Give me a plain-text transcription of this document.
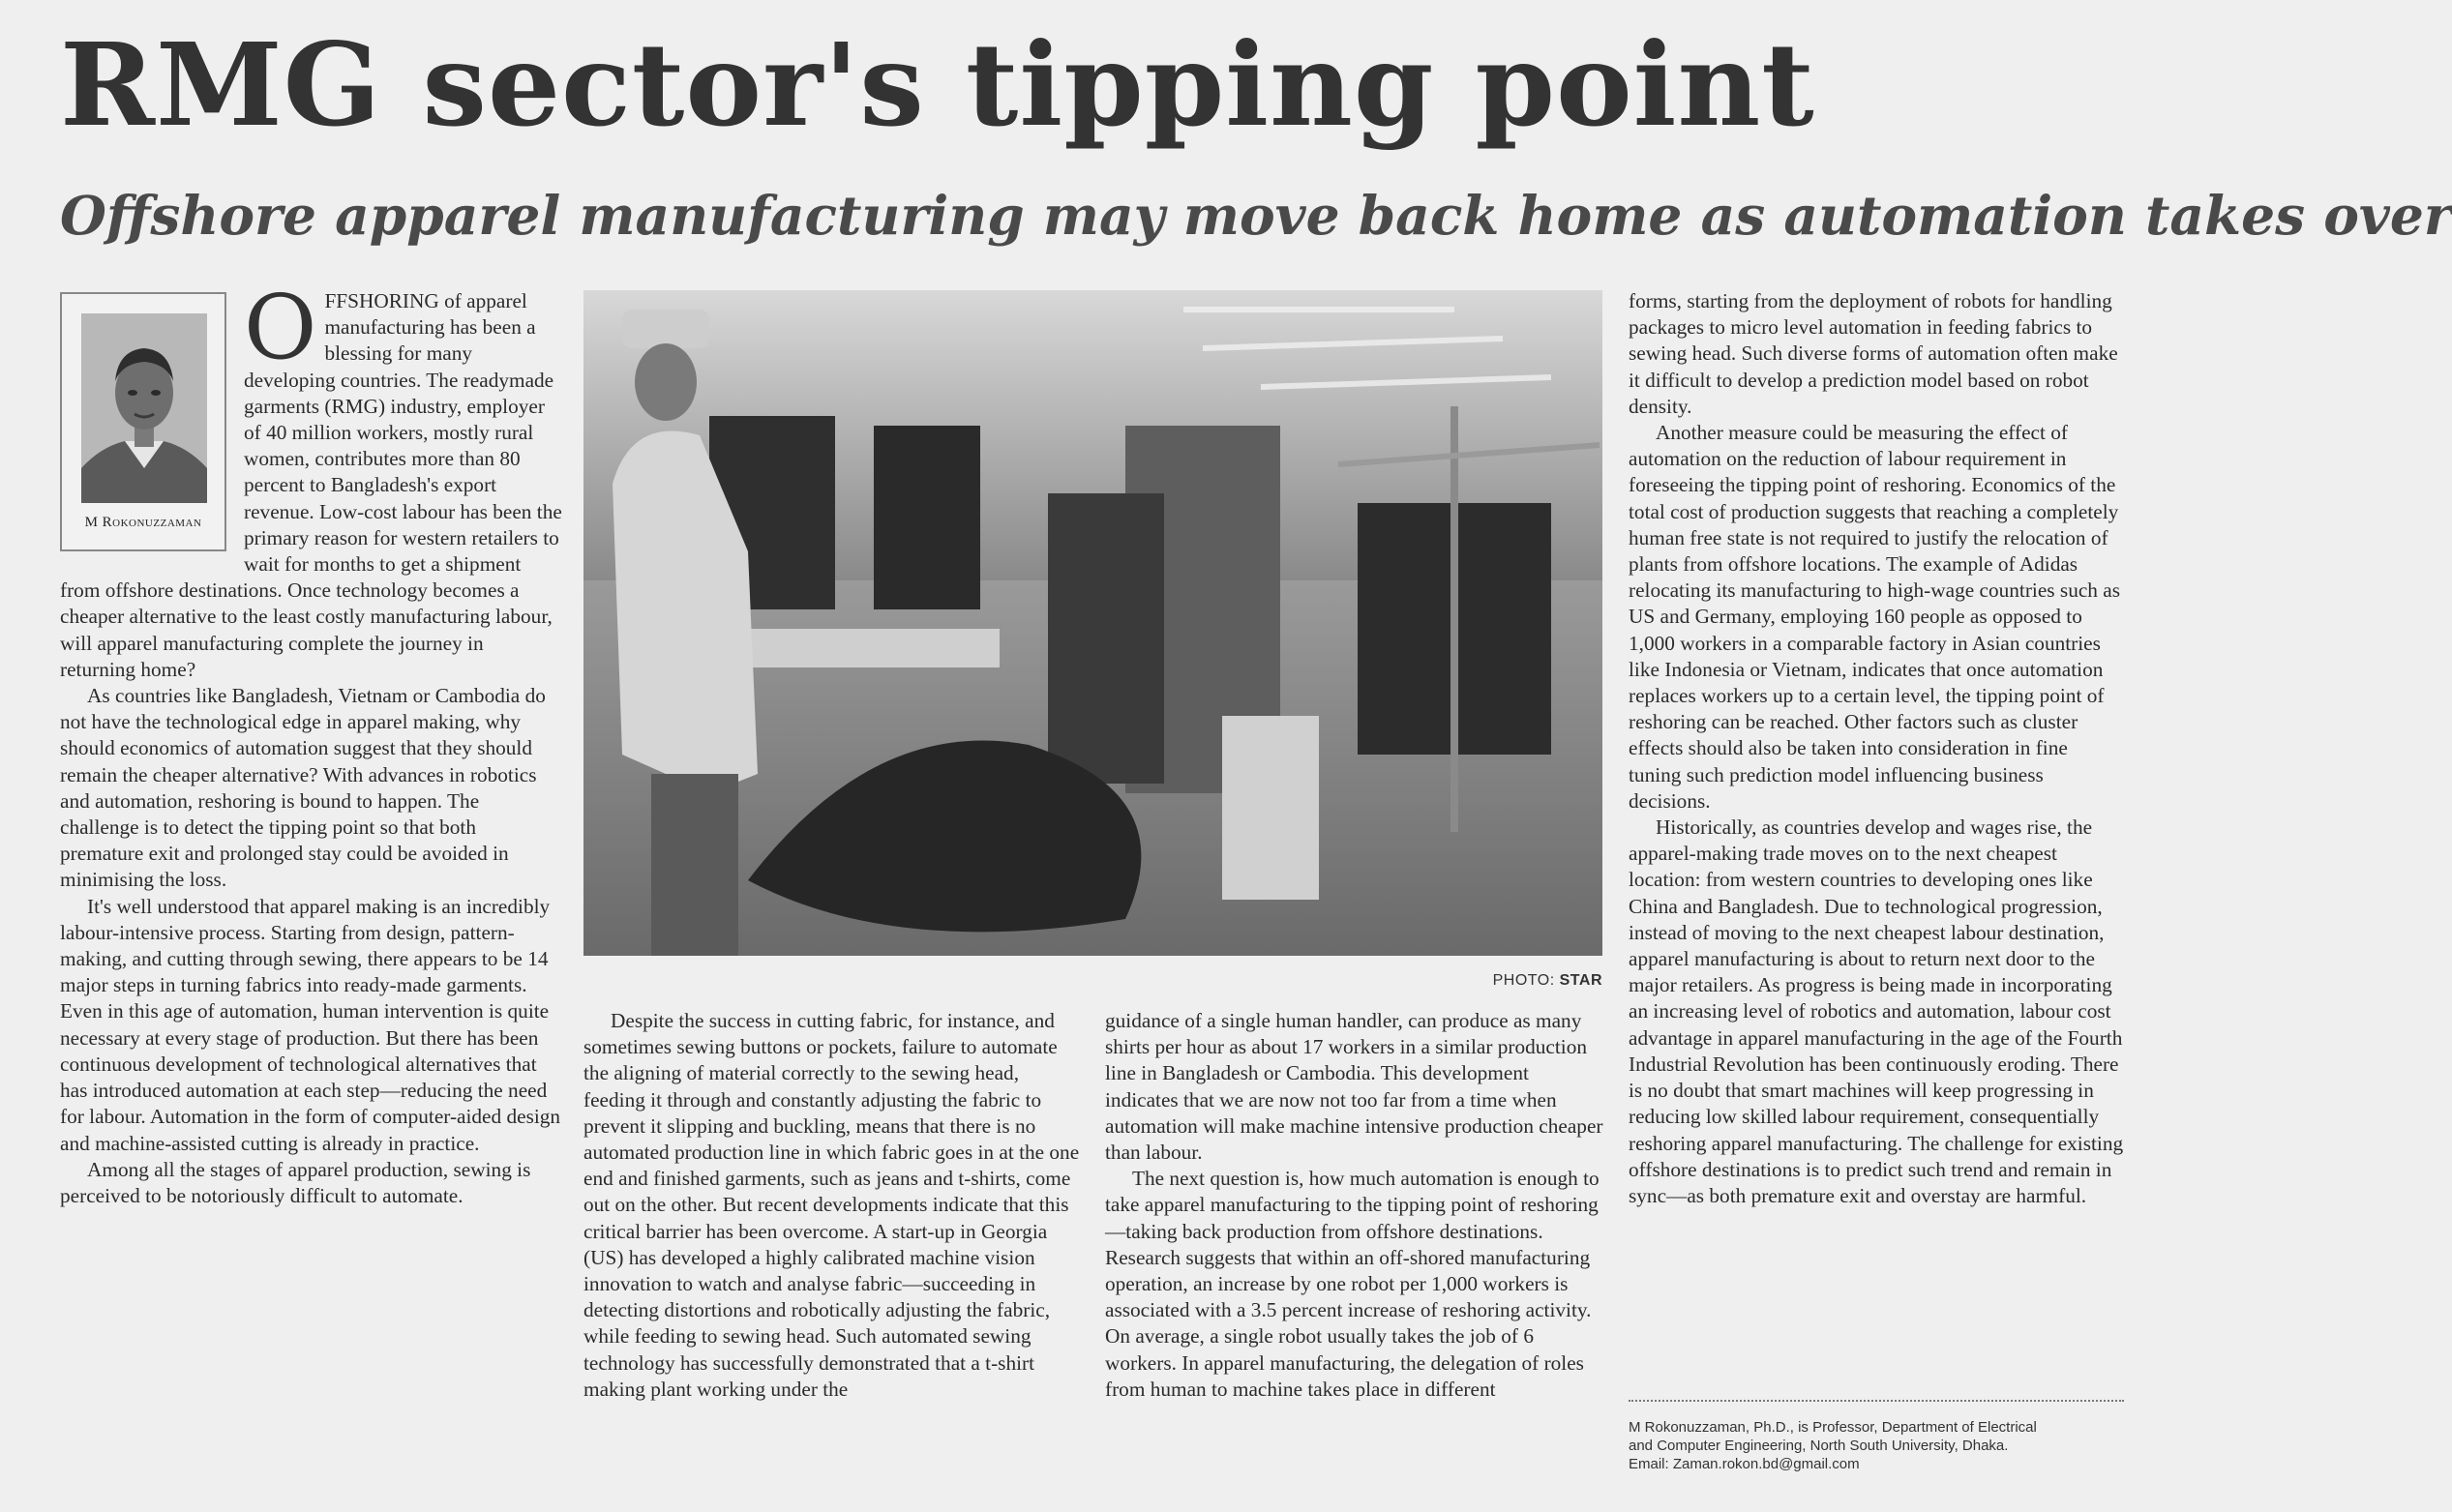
RMG sector's tipping point
Offshore apparel manufacturing may move back home as automation takes over
M Rokonuzzaman
O FFSHORING of apparel manufacturing has been a blessing for many developing countries. The readymade garments (RMG) industry, employer of 40 million workers, mostly rural women, contributes more than 80 percent to Bangladesh's export revenue. Low-cost labour has been the primary reason for western retailers to wait for months to get a shipment from offshore destinations. Once technology becomes a cheaper alternative to the least costly manufacturing labour, will apparel manufacturing complete the journey in returning home?

As countries like Bangladesh, Vietnam or Cambodia do not have the technological edge in apparel making, why should economics of automation suggest that they should remain the cheaper alternative? With advances in robotics and automation, reshoring is bound to happen. The challenge is to detect the tipping point so that both premature exit and prolonged stay could be avoided in minimising the loss.

It's well understood that apparel making is an incredibly labour-intensive process. Starting from design, pattern-making, and cutting through sewing, there appears to be 14 major steps in turning fabrics into ready-made garments. Even in this age of automation, human intervention is quite necessary at every stage of production. But there has been continuous development of technological alternatives that has introduced automation at each step—reducing the need for labour. Automation in the form of computer-aided design and machine-assisted cutting is already in practice.

Among all the stages of apparel production, sewing is perceived to be notoriously difficult to automate.

PHOTO: STAR

Despite the success in cutting fabric, for instance, and sometimes sewing buttons or pockets, failure to automate the aligning of material correctly to the sewing head, feeding it through and constantly adjusting the fabric to prevent it slipping and buckling, means that there is no automated production line in which fabric goes in at the one end and finished garments, such as jeans and t-shirts, come out on the other. But recent developments indicate that this critical barrier has been overcome. A start-up in Georgia (US) has developed a highly calibrated machine vision innovation to watch and analyse fabric—succeeding in detecting distortions and robotically adjusting the fabric, while feeding to sewing head. Such automated sewing technology has successfully demonstrated that a t-shirt making plant working under the

guidance of a single human handler, can produce as many shirts per hour as about 17 workers in a similar production line in Bangladesh or Cambodia. This development indicates that we are now not too far from a time when automation will make machine intensive production cheaper than labour.

The next question is, how much automation is enough to take apparel manufacturing to the tipping point of reshoring—taking back production from offshore destinations. Research suggests that within an off-shored manufacturing operation, an increase by one robot per 1,000 workers is associated with a 3.5 percent increase of reshoring activity. On average, a single robot usually takes the job of 6 workers. In apparel manufacturing, the delegation of roles from human to machine takes place in different

forms, starting from the deployment of robots for handling packages to micro level automation in feeding fabrics to sewing head. Such diverse forms of automation often make it difficult to develop a prediction model based on robot density.

Another measure could be measuring the effect of automation on the reduction of labour requirement in foreseeing the tipping point of reshoring. Economics of the total cost of production suggests that reaching a completely human free state is not required to justify the relocation of plants from offshore locations. The example of Adidas relocating its manufacturing to high-wage countries such as US and Germany, employing 160 people as opposed to 1,000 workers in a comparable factory in Asian countries like Indonesia or Vietnam, indicates that once automation replaces workers up to a certain level, the tipping point of reshoring can be reached. Other factors such as cluster effects should also be taken into consideration in fine tuning such prediction model influencing business decisions.

Historically, as countries develop and wages rise, the apparel-making trade moves on to the next cheapest location: from western countries to developing ones like China and Bangladesh. Due to technological progression, instead of moving to the next cheapest labour destination, apparel manufacturing is about to return next door to the major retailers. As progress is being made in incorporating an increasing level of robotics and automation, labour cost advantage in apparel manufacturing in the age of the Fourth Industrial Revolution has been continuously eroding. There is no doubt that smart machines will keep progressing in reducing low skilled labour requirement, consequentially reshoring apparel manufacturing. The challenge for existing offshore destinations is to predict such trend and remain in sync—as both premature exit and overstay are harmful.

M Rokonuzzaman, Ph.D., is Professor, Department of Electrical
and Computer Engineering, North South University, Dhaka.
Email: Zaman.rokon.bd@gmail.com
